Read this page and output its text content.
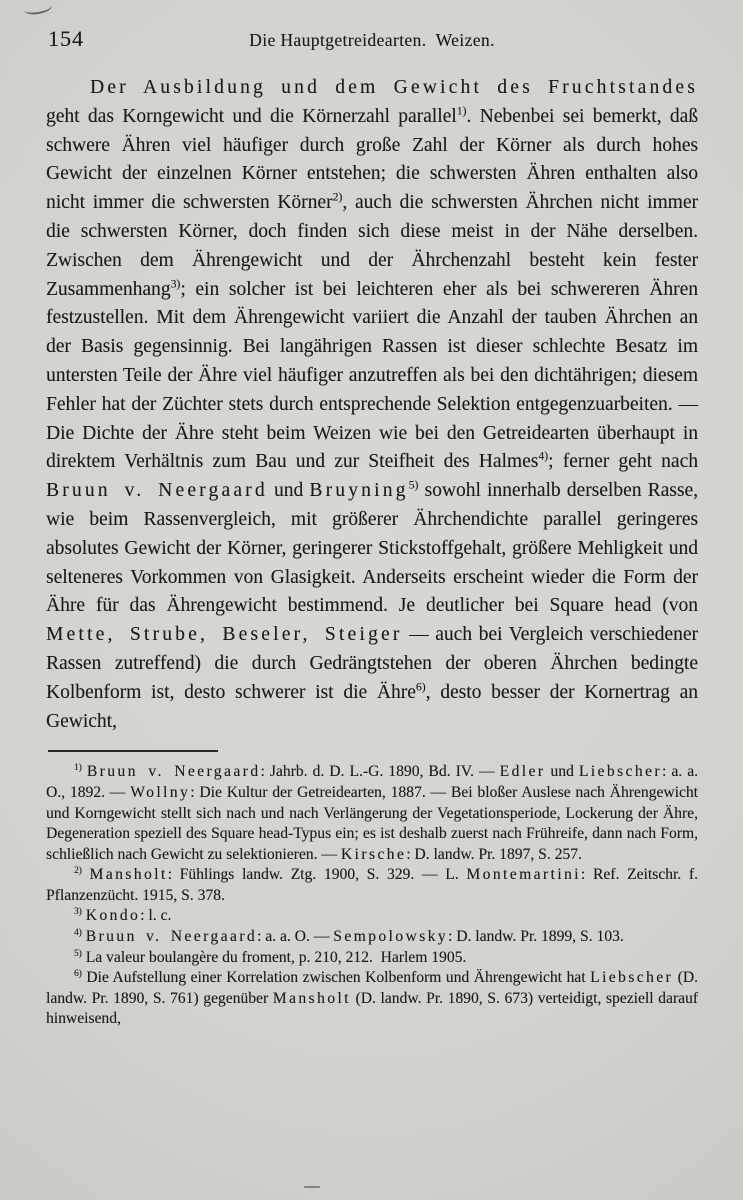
154	Die Hauptgetreidearten. Weizen.

Der Ausbildung und dem Gewicht des Fruchtstandes geht das Korngewicht und die Körnerzahl parallel$^{1)}$. Nebenbei sei bemerkt, daß schwere Ähren viel häufiger durch große Zahl der Körner als durch hohes Gewicht der einzelnen Körner entstehen; die schwersten Ähren enthalten also nicht immer die schwersten Körner$^{2)}$, auch die schwersten Ährchen nicht immer die schwersten Körner, doch finden sich diese meist in der Nähe derselben. Zwischen dem Ährengewicht und der Ährchenzahl besteht kein fester Zusammenhang$^{3)}$; ein solcher ist bei leichteren eher als bei schwereren Ähren festzustellen. Mit dem Ährengewicht variiert die Anzahl der tauben Ährchen an der Basis gegensinnig. Bei langährigen Rassen ist dieser schlechte Besatz im untersten Teile der Ähre viel häufiger anzutreffen als bei den dichtährigen; diesem Fehler hat der Züchter stets durch entsprechende Selektion entgegenzuarbeiten. — Die Dichte der Ähre steht beim Weizen wie bei den Getreidearten überhaupt in direktem Verhältnis zum Bau und zur Steifheit des Halmes$^{4)}$; ferner geht nach Bruun v. Neergaard und Bruyning$^{5)}$ sowohl innerhalb derselben Rasse, wie beim Rassenvergleich, mit größerer Ährchendichte parallel geringeres absolutes Gewicht der Körner, geringerer Stickstoffgehalt, größere Mehligkeit und selteneres Vorkommen von Glasigkeit. Anderseits erscheint wieder die Form der Ähre für das Ährengewicht bestimmend. Je deutlicher bei Square head (von Mette, Strube, Beseler, Steiger — auch bei Vergleich verschiedener Rassen zutreffend) die durch Gedrängtstehen der oberen Ährchen bedingte Kolbenform ist, desto schwerer ist die Ähre$^{6)}$, desto besser der Kornertrag an Gewicht,

$^{1)}$ Bruun v. Neergaard: Jahrb. d. D. L.-G. 1890, Bd. IV. — Edler und Liebscher: a. a. O., 1892. — Wollny: Die Kultur der Getreidearten, 1887. — Bei bloßer Auslese nach Ährengewicht und Korngewicht stellt sich nach und nach Verlängerung der Vegetationsperiode, Lockerung der Ähre, Degeneration speziell des Square head-Typus ein; es ist deshalb zuerst nach Frühreife, dann nach Form, schließlich nach Gewicht zu selektionieren. — Kirsche: D. landw. Pr. 1897, S. 257.

$^{2)}$ Mansholt: Fühlings landw. Ztg. 1900, S. 329. — L. Montemartini: Ref. Zeitschr. f. Pflanzenzücht. 1915, S. 378.

$^{3)}$ Kondo: l. c.

$^{4)}$ Bruun v. Neergaard: a. a. O. — Sempolowsky: D. landw. Pr. 1899, S. 103.

$^{5)}$ La valeur boulangère du froment, p. 210, 212. Harlem 1905.

$^{6)}$ Die Aufstellung einer Korrelation zwischen Kolbenform und Ährengewicht hat Liebscher (D. landw. Pr. 1890, S. 761) gegenüber Mansholt (D. landw. Pr. 1890, S. 673) verteidigt, speziell darauf hinweisend,
